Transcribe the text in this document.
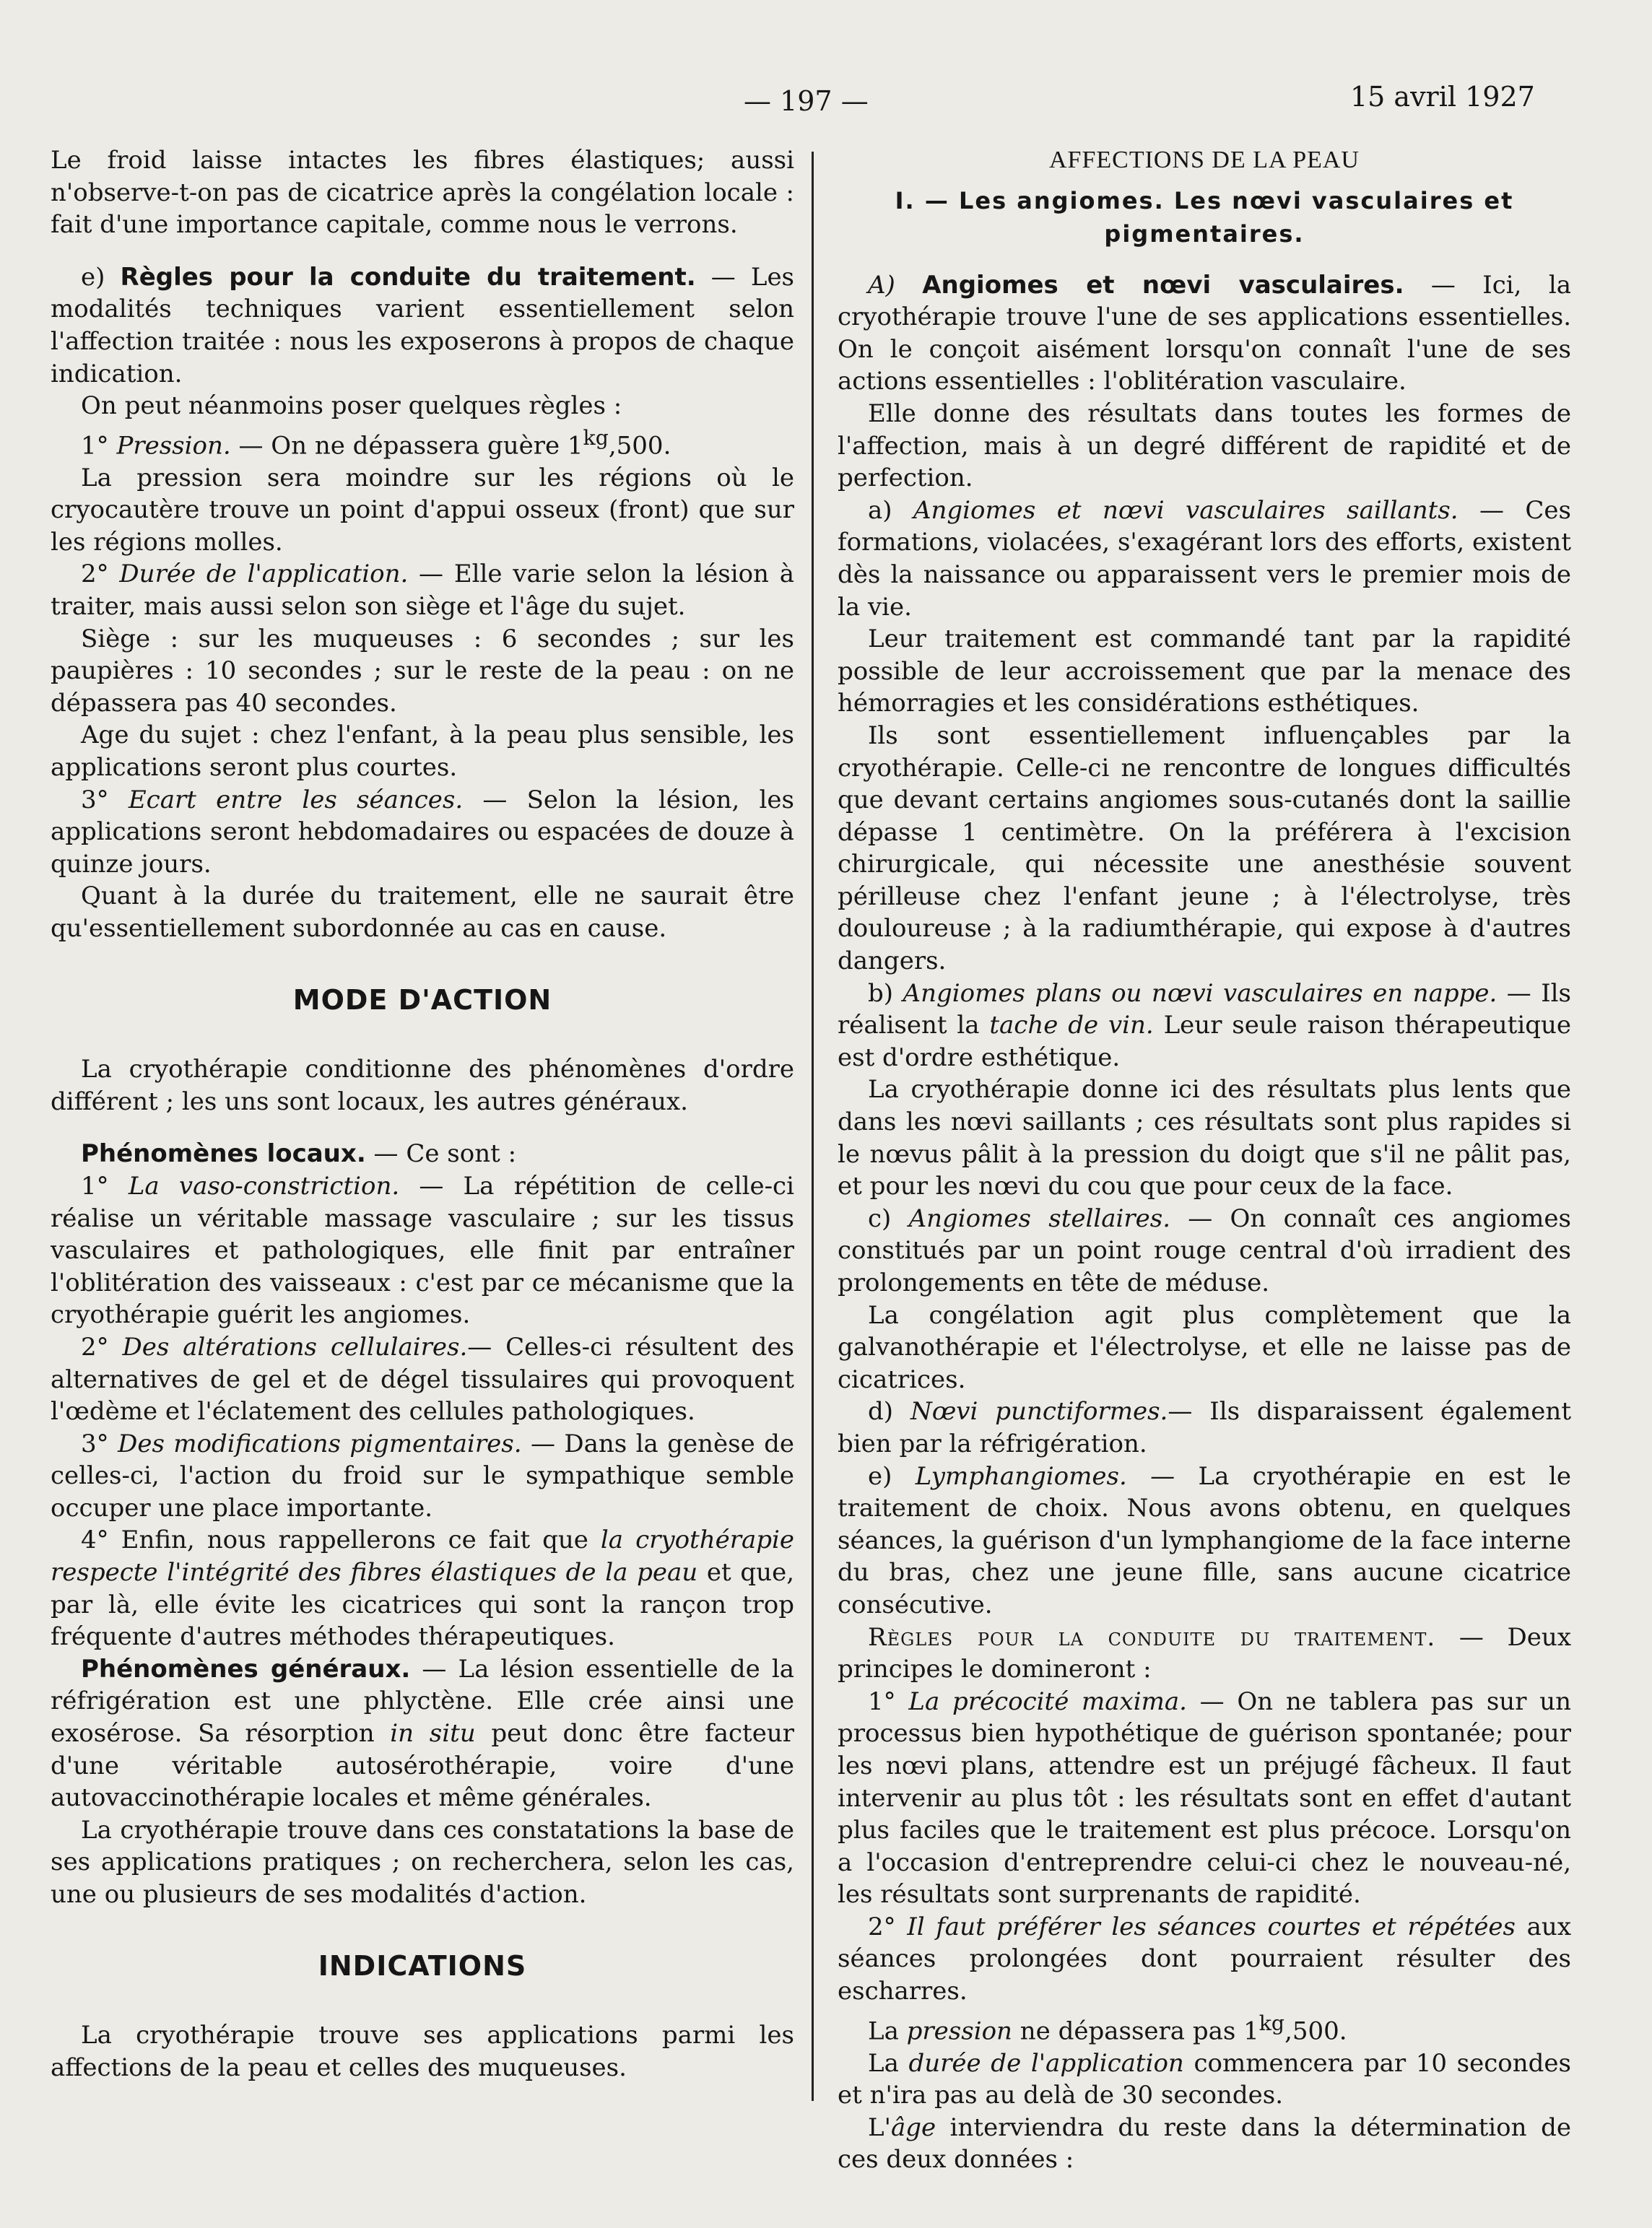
— 197 —	15 avril 1927

Le froid laisse intactes les fibres élastiques; aussi n'observe-t-on pas de cicatrice après la congélation locale : fait d'une importance capitale, comme nous le verrons.

e) Règles pour la conduite du traitement. — Les modalités techniques varient essentiellement selon l'affection traitée : nous les exposerons à propos de chaque indication.

On peut néanmoins poser quelques règles :

1° Pression. — On ne dépassera guère $1^{kg},500$.

La pression sera moindre sur les régions où le cryocautère trouve un point d'appui osseux (front) que sur les régions molles.

2° Durée de l'application. — Elle varie selon la lésion à traiter, mais aussi selon son siège et l'âge du sujet.

Siège : sur les muqueuses : 6 secondes ; sur les paupières : 10 secondes ; sur le reste de la peau : on ne dépassera pas 40 secondes.

Age du sujet : chez l'enfant, à la peau plus sensible, les applications seront plus courtes.

3° Ecart entre les séances. — Selon la lésion, les applications seront hebdomadaires ou espacées de douze à quinze jours.

Quant à la durée du traitement, elle ne saurait être qu'essentiellement subordonnée au cas en cause.

MODE D'ACTION

La cryothérapie conditionne des phénomènes d'ordre différent ; les uns sont locaux, les autres généraux.

Phénomènes locaux. — Ce sont :

1° La vaso-constriction. — La répétition de celle-ci réalise un véritable massage vasculaire ; sur les tissus vasculaires et pathologiques, elle finit par entraîner l'oblitération des vaisseaux : c'est par ce mécanisme que la cryothérapie guérit les angiomes.

2° Des altérations cellulaires.— Celles-ci résultent des alternatives de gel et de dégel tissulaires qui provoquent l'œdème et l'éclatement des cellules pathologiques.

3° Des modifications pigmentaires. — Dans la genèse de celles-ci, l'action du froid sur le sympathique semble occuper une place importante.

4° Enfin, nous rappellerons ce fait que la cryothérapie respecte l'intégrité des fibres élastiques de la peau et que, par là, elle évite les cicatrices qui sont la rançon trop fréquente d'autres méthodes thérapeutiques.

Phénomènes généraux. — La lésion essentielle de la réfrigération est une phlyctène. Elle crée ainsi une exosérose. Sa résorption in situ peut donc être facteur d'une véritable autosérothérapie, voire d'une autovaccinothérapie locales et même générales.

La cryothérapie trouve dans ces constatations la base de ses applications pratiques ; on recherchera, selon les cas, une ou plusieurs de ses modalités d'action.

INDICATIONS

La cryothérapie trouve ses applications parmi les affections de la peau et celles des muqueuses.

AFFECTIONS DE LA PEAU
I. — Les angiomes. Les nœvi vasculaires et pigmentaires.

A) Angiomes et nœvi vasculaires. — Ici, la cryothérapie trouve l'une de ses applications essentielles. On le conçoit aisément lorsqu'on connaît l'une de ses actions essentielles : l'oblitération vasculaire.

Elle donne des résultats dans toutes les formes de l'affection, mais à un degré différent de rapidité et de perfection.

a) Angiomes et nœvi vasculaires saillants. — Ces formations, violacées, s'exagérant lors des efforts, existent dès la naissance ou apparaissent vers le premier mois de la vie.

Leur traitement est commandé tant par la rapidité possible de leur accroissement que par la menace des hémorragies et les considérations esthétiques.

Ils sont essentiellement influençables par la cryothérapie. Celle-ci ne rencontre de longues difficultés que devant certains angiomes sous-cutanés dont la saillie dépasse 1 centimètre. On la préférera à l'excision chirurgicale, qui nécessite une anesthésie souvent périlleuse chez l'enfant jeune ; à l'électrolyse, très douloureuse ; à la radiumthérapie, qui expose à d'autres dangers.

b) Angiomes plans ou nœvi vasculaires en nappe. — Ils réalisent la tache de vin. Leur seule raison thérapeutique est d'ordre esthétique.

La cryothérapie donne ici des résultats plus lents que dans les nœvi saillants ; ces résultats sont plus rapides si le nœvus pâlit à la pression du doigt que s'il ne pâlit pas, et pour les nœvi du cou que pour ceux de la face.

c) Angiomes stellaires. — On connaît ces angiomes constitués par un point rouge central d'où irradient des prolongements en tête de méduse.

La congélation agit plus complètement que la galvanothérapie et l'électrolyse, et elle ne laisse pas de cicatrices.

d) Nœvi punctiformes.— Ils disparaissent également bien par la réfrigération.

e) Lymphangiomes. — La cryothérapie en est le traitement de choix. Nous avons obtenu, en quelques séances, la guérison d'un lymphangiome de la face interne du bras, chez une jeune fille, sans aucune cicatrice consécutive.

Règles pour la conduite du traitement. — Deux principes le domineront :

1° La précocité maxima. — On ne tablera pas sur un processus bien hypothétique de guérison spontanée; pour les nœvi plans, attendre est un préjugé fâcheux. Il faut intervenir au plus tôt : les résultats sont en effet d'autant plus faciles que le traitement est plus précoce. Lorsqu'on a l'occasion d'entreprendre celui-ci chez le nouveau-né, les résultats sont surprenants de rapidité.

2° Il faut préférer les séances courtes et répétées aux séances prolongées dont pourraient résulter des escharres.

La pression ne dépassera pas $1^{kg},500$.

La durée de l'application commencera par 10 secondes et n'ira pas au delà de 30 secondes.

L'âge interviendra du reste dans la détermination de ces deux données :
